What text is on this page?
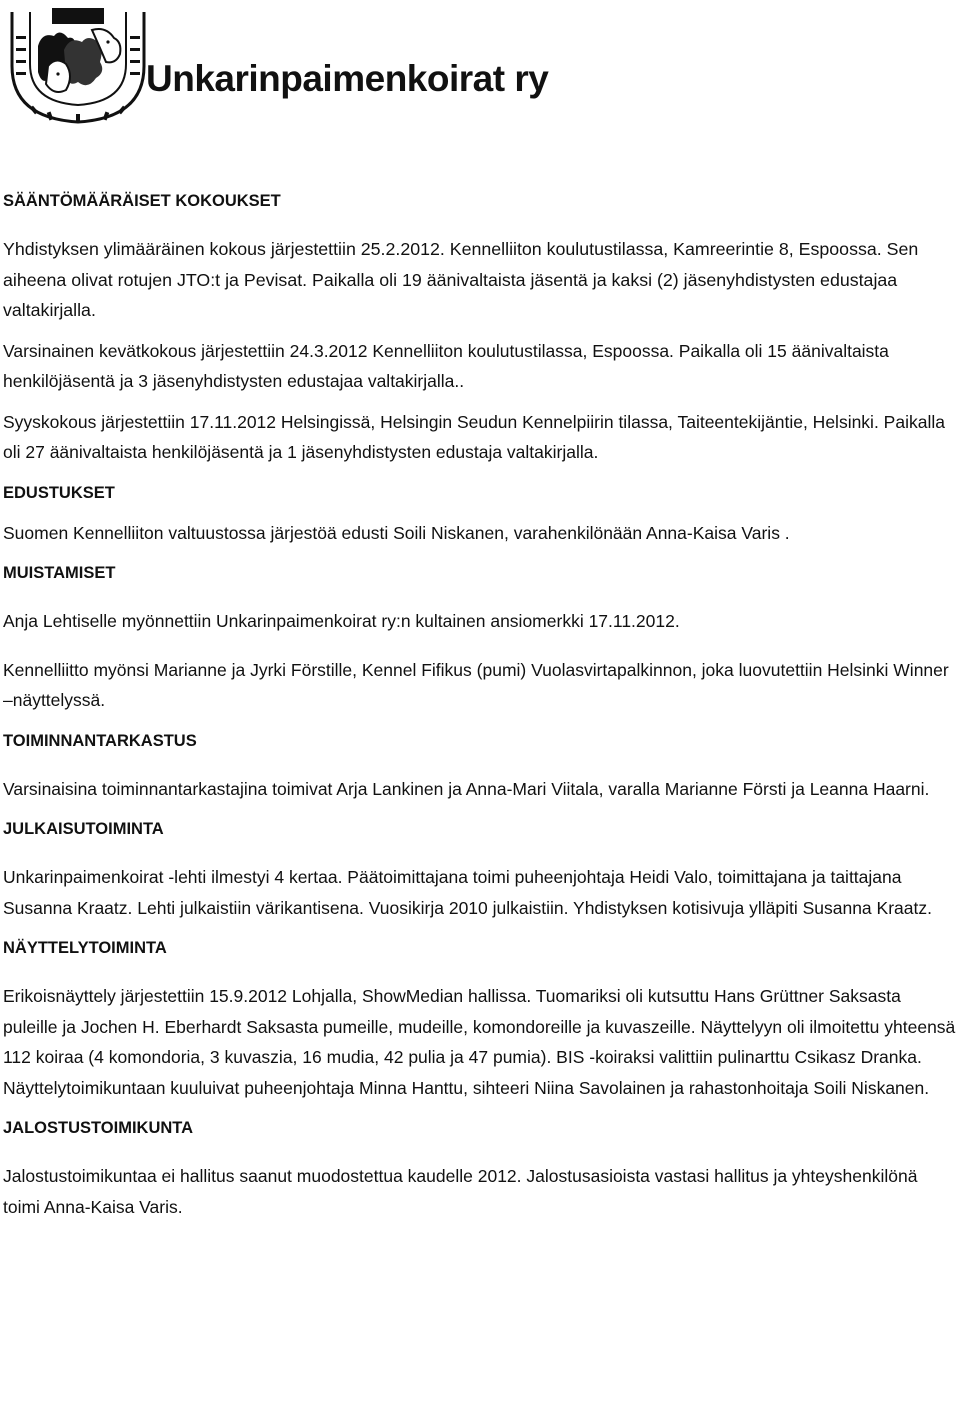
Unkarinpaimenkoirat ry
SÄÄNTÖMÄÄRÄISET KOKOUKSET

Yhdistyksen ylimääräinen kokous järjestettiin 25.2.2012. Kennelliiton koulutustilassa, Kamreerintie 8, Espoossa. Sen aiheena olivat rotujen JTO:t ja Pevisat. Paikalla oli 19 äänivaltaista jäsentä ja kaksi (2) jäsenyhdistysten edustajaa valtakirjalla.

Varsinainen kevätkokous järjestettiin 24.3.2012 Kennelliiton koulutustilassa, Espoossa. Paikalla oli 15 äänivaltaista henkilöjäsentä ja 3 jäsenyhdistysten edustajaa valtakirjalla..

Syyskokous järjestettiin 17.11.2012 Helsingissä, Helsingin Seudun Kennelpiirin tilassa, Taiteentekijäntie, Helsinki. Paikalla oli 27 äänivaltaista henkilöjäsentä ja 1 jäsenyhdistysten edustaja valtakirjalla.

EDUSTUKSET

Suomen Kennelliiton valtuustossa järjestöä edusti Soili Niskanen, varahenkilönään Anna-Kaisa Varis .

MUISTAMISET

Anja Lehtiselle myönnettiin Unkarinpaimenkoirat ry:n kultainen ansiomerkki 17.11.2012.

Kennelliitto myönsi Marianne ja Jyrki Förstille, Kennel Fifikus (pumi) Vuolasvirtapalkinnon, joka luovutettiin Helsinki Winner –näyttelyssä.

TOIMINNANTARKASTUS

Varsinaisina toiminnantarkastajina toimivat Arja Lankinen ja Anna-Mari Viitala, varalla Marianne Försti ja Leanna Haarni.

JULKAISUTOIMINTA

Unkarinpaimenkoirat -lehti ilmestyi 4 kertaa. Päätoimittajana toimi puheenjohtaja Heidi Valo, toimittajana ja taittajana Susanna Kraatz. Lehti julkaistiin värikantisena. Vuosikirja 2010 julkaistiin. Yhdistyksen kotisivuja ylläpiti Susanna Kraatz.

NÄYTTELYTOIMINTA

Erikoisnäyttely järjestettiin 15.9.2012 Lohjalla, ShowMedian hallissa. Tuomariksi oli kutsuttu Hans Grüttner Saksasta puleille ja Jochen H. Eberhardt Saksasta pumeille, mudeille, komondoreille ja kuvaszeille. Näyttelyyn oli ilmoitettu yhteensä 112 koiraa (4 komondoria, 3 kuvaszia, 16 mudia, 42 pulia ja 47 pumia). BIS -koiraksi valittiin pulinarttu Csikasz Dranka. Näyttelytoimikuntaan kuuluivat puheenjohtaja Minna Hanttu, sihteeri Niina Savolainen ja rahastonhoitaja Soili Niskanen.

JALOSTUSTOIMIKUNTA

Jalostustoimikuntaa ei hallitus saanut muodostettua kaudelle 2012. Jalostusasioista vastasi hallitus ja yhteyshenkilönä toimi Anna-Kaisa Varis.
